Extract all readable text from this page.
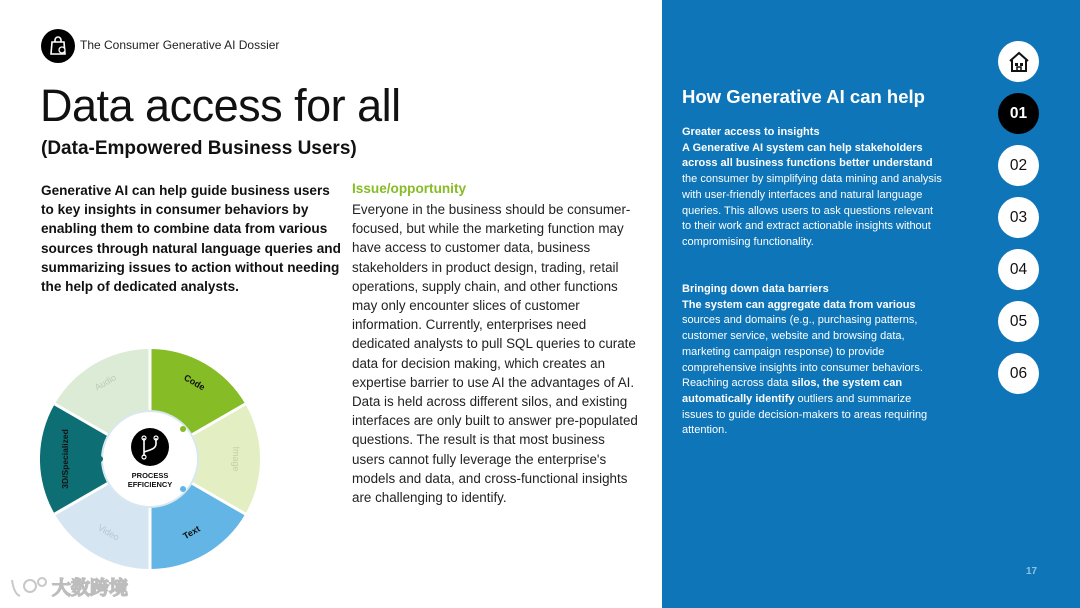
The Consumer Generative AI Dossier
Data access for all
(Data-Empowered Business Users)
Generative AI can help guide business users to key insights in consumer behaviors by enabling them to combine data from various sources through natural language queries and summarizing issues to action without needing the help of dedicated analysts.
Issue/opportunity
Everyone in the business should be consumer-focused, but while the marketing function may have access to customer data, business stakeholders in product design, trading, retail operations, supply chain, and other functions may only encounter slices of customer information. Currently, enterprises need dedicated analysts to pull SQL queries to curate data for decision making, which creates an expertise barrier to use AI the advantages of AI. Data is held across different silos, and existing interfaces are only built to answer pre-populated questions. The result is that most business users cannot fully leverage the enterprise's models and data, and cross-functional insights are challenging to identify.
PROCESS
EFFICIENCY
Code
Image
Text
Video
3D/Specialized
Audio
大数跨境
How Generative AI can help
Greater access to insights
A Generative AI system can help stakeholders across all business functions better understand the consumer by simplifying data mining and analysis with user-friendly interfaces and natural language queries. This allows users to ask questions relevant to their work and extract actionable insights without compromising functionality.
Bringing down data barriers
The system can aggregate data from various sources and domains (e.g., purchasing patterns, customer service, website and browsing data, marketing campaign response) to provide comprehensive insights into consumer behaviors. Reaching across data silos, the system can automatically identify outliers and summarize issues to guide decision-makers to areas requiring attention.
01
02
03
04
05
06
17
